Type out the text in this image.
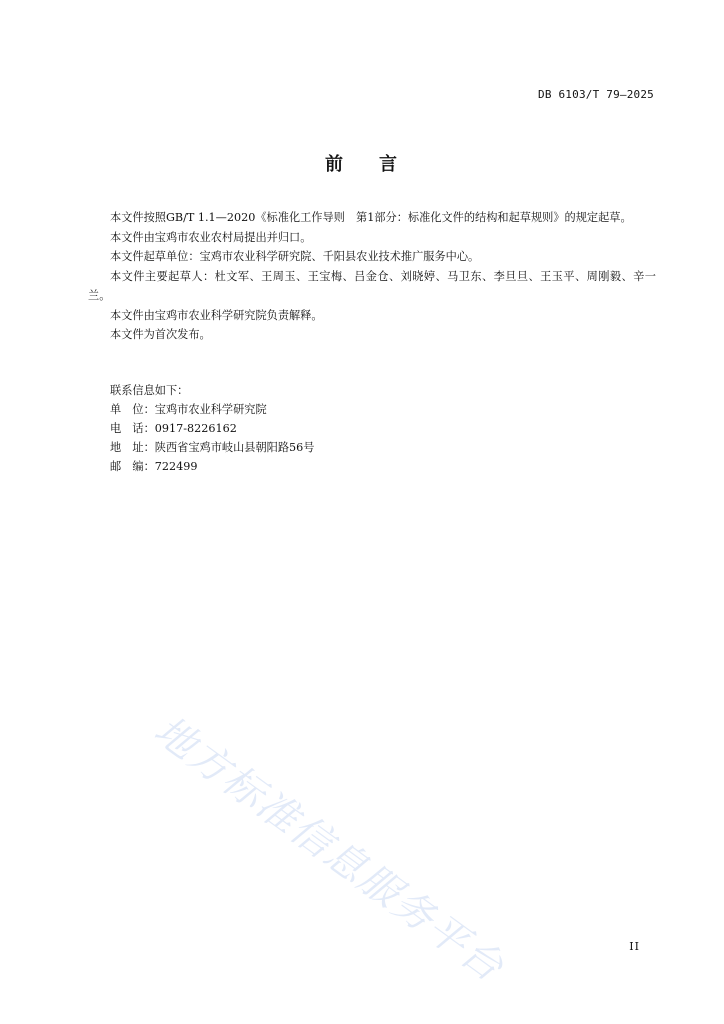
DB 6103/T 79—2025
前 言

本文件按照GB/T 1.1—2020《标准化工作导则　第1部分：标准化文件的结构和起草规则》的规定起草。

本文件由宝鸡市农业农村局提出并归口。

本文件起草单位：宝鸡市农业科学研究院、千阳县农业技术推广服务中心。

本文件主要起草人：杜文军、王周玉、王宝梅、吕金仓、刘晓婷、马卫东、李旦旦、王玉平、周刚毅、辛一兰。

本文件由宝鸡市农业科学研究院负责解释。

本文件为首次发布。

联系信息如下：
单　位：宝鸡市农业科学研究院
电　话：0917-8226162
地　址：陕西省宝鸡市岐山县朝阳路56号
邮　编：722499
地方标准信息服务平台	II
